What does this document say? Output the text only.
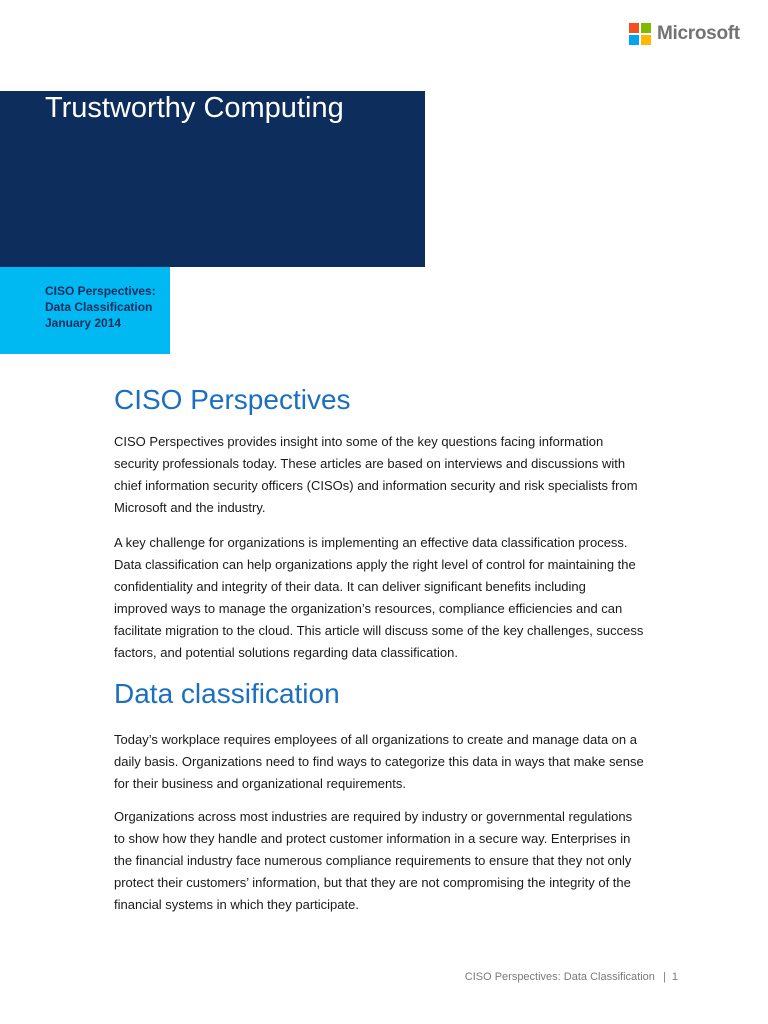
Microsoft
Trustworthy Computing
CISO Perspectives:
Data Classification
January 2014
CISO Perspectives
CISO Perspectives provides insight into some of the key questions facing information
security professionals today. These articles are based on interviews and discussions with
chief information security officers (CISOs) and information security and risk specialists from
Microsoft and the industry.
A key challenge for organizations is implementing an effective data classification process.
Data classification can help organizations apply the right level of control for maintaining the
confidentiality and integrity of their data. It can deliver significant benefits including
improved ways to manage the organization’s resources, compliance efficiencies and can
facilitate migration to the cloud. This article will discuss some of the key challenges, success
factors, and potential solutions regarding data classification.
Data classification
Today’s workplace requires employees of all organizations to create and manage data on a
daily basis. Organizations need to find ways to categorize this data in ways that make sense
for their business and organizational requirements.
Organizations across most industries are required by industry or governmental regulations
to show how they handle and protect customer information in a secure way. Enterprises in
the financial industry face numerous compliance requirements to ensure that they not only
protect their customers’ information, but that they are not compromising the integrity of the
financial systems in which they participate.
CISO Perspectives: Data Classification | 1
